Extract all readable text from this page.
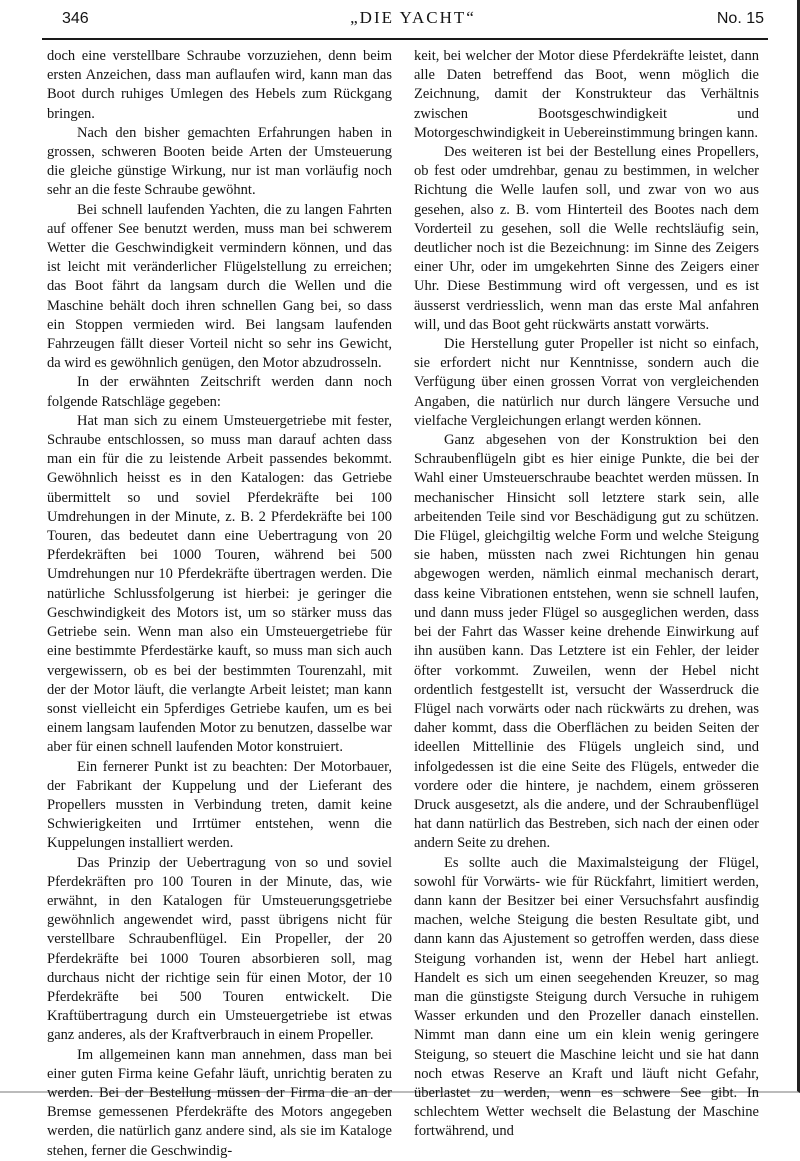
346	„DIE YACHT“	No. 15

doch eine verstellbare Schraube vorzuziehen, denn beim ersten Anzeichen, dass man auflaufen wird, kann man das Boot durch ruhiges Umlegen des Hebels zum Rückgang bringen.

Nach den bisher gemachten Erfahrungen haben in grossen, schweren Booten beide Arten der Umsteuerung die gleiche günstige Wirkung, nur ist man vorläufig noch sehr an die feste Schraube gewöhnt.

Bei schnell laufenden Yachten, die zu langen Fahrten auf offener See benutzt werden, muss man bei schwerem Wetter die Geschwindigkeit vermindern können, und das ist leicht mit veränderlicher Flügelstellung zu erreichen; das Boot fährt da langsam durch die Wellen und die Maschine behält doch ihren schnellen Gang bei, so dass ein Stoppen vermieden wird. Bei langsam laufenden Fahrzeugen fällt dieser Vorteil nicht so sehr ins Gewicht, da wird es gewöhnlich genügen, den Motor abzudrosseln.

In der erwähnten Zeitschrift werden dann noch folgende Ratschläge gegeben:

Hat man sich zu einem Umsteuergetriebe mit fester, Schraube entschlossen, so muss man darauf achten dass man ein für die zu leistende Arbeit passendes bekommt. Gewöhnlich heisst es in den Katalogen: das Getriebe übermittelt so und soviel Pferdekräfte bei 100 Umdrehungen in der Minute, z. B. 2 Pferdekräfte bei 100 Touren, das bedeutet dann eine Uebertragung von 20 Pferdekräften bei 1000 Touren, während bei 500 Umdrehungen nur 10 Pferdekräfte übertragen werden. Die natürliche Schlussfolgerung ist hierbei: je geringer die Geschwindigkeit des Motors ist, um so stärker muss das Getriebe sein. Wenn man also ein Umsteuergetriebe für eine bestimmte Pferdestärke kauft, so muss man sich auch vergewissern, ob es bei der bestimmten Tourenzahl, mit der der Motor läuft, die verlangte Arbeit leistet; man kann sonst vielleicht ein 5pferdiges Getriebe kaufen, um es bei einem langsam laufenden Motor zu benutzen, dasselbe war aber für einen schnell laufenden Motor konstruiert.

Ein fernerer Punkt ist zu beachten: Der Motorbauer, der Fabrikant der Kuppelung und der Lieferant des Propellers mussten in Verbindung treten, damit keine Schwierigkeiten und Irrtümer entstehen, wenn die Kuppelungen installiert werden.

Das Prinzip der Uebertragung von so und soviel Pferdekräften pro 100 Touren in der Minute, das, wie erwähnt, in den Katalogen für Umsteuerungsgetriebe gewöhnlich angewendet wird, passt übrigens nicht für verstellbare Schraubenflügel. Ein Propeller, der 20 Pferdekräfte bei 1000 Touren absorbieren soll, mag durchaus nicht der richtige sein für einen Motor, der 10 Pferdekräfte bei 500 Touren entwickelt. Die Kraftübertragung durch ein Umsteuergetriebe ist etwas ganz anderes, als der Kraftverbrauch in einem Propeller.

Im allgemeinen kann man annehmen, dass man bei einer guten Firma keine Gefahr läuft, unrichtig beraten zu werden. Bei der Bestellung müssen der Firma die an der Bremse gemessenen Pferdekräfte des Motors angegeben werden, die natürlich ganz andere sind, als sie im Kataloge stehen, ferner die Geschwindig-

keit, bei welcher der Motor diese Pferdekräfte leistet, dann alle Daten betreffend das Boot, wenn möglich die Zeichnung, damit der Konstrukteur das Verhältnis zwischen Bootsgeschwindigkeit und Motorgeschwindigkeit in Uebereinstimmung bringen kann.

Des weiteren ist bei der Bestellung eines Propellers, ob fest oder umdrehbar, genau zu bestimmen, in welcher Richtung die Welle laufen soll, und zwar von wo aus gesehen, also z. B. vom Hinterteil des Bootes nach dem Vorderteil zu gesehen, soll die Welle rechtsläufig sein, deutlicher noch ist die Bezeichnung: im Sinne des Zeigers einer Uhr, oder im umgekehrten Sinne des Zeigers einer Uhr. Diese Bestimmung wird oft vergessen, und es ist äusserst verdriesslich, wenn man das erste Mal anfahren will, und das Boot geht rückwärts anstatt vorwärts.

Die Herstellung guter Propeller ist nicht so einfach, sie erfordert nicht nur Kenntnisse, sondern auch die Verfügung über einen grossen Vorrat von vergleichenden Angaben, die natürlich nur durch längere Versuche und vielfache Vergleichungen erlangt werden können.

Ganz abgesehen von der Konstruktion bei den Schraubenflügeln gibt es hier einige Punkte, die bei der Wahl einer Umsteuerschraube beachtet werden müssen. In mechanischer Hinsicht soll letztere stark sein, alle arbeitenden Teile sind vor Beschädigung gut zu schützen. Die Flügel, gleichgiltig welche Form und welche Steigung sie haben, müssten nach zwei Richtungen hin genau abgewogen werden, nämlich einmal mechanisch derart, dass keine Vibrationen entstehen, wenn sie schnell laufen, und dann muss jeder Flügel so ausgeglichen werden, dass bei der Fahrt das Wasser keine drehende Einwirkung auf ihn ausüben kann. Das Letztere ist ein Fehler, der leider öfter vorkommt. Zuweilen, wenn der Hebel nicht ordentlich festgestellt ist, versucht der Wasserdruck die Flügel nach vorwärts oder nach rückwärts zu drehen, was daher kommt, dass die Oberflächen zu beiden Seiten der ideellen Mittellinie des Flügels ungleich sind, und infolgedessen ist die eine Seite des Flügels, entweder die vordere oder die hintere, je nachdem, einem grösseren Druck ausgesetzt, als die andere, und der Schraubenflügel hat dann natürlich das Bestreben, sich nach der einen oder andern Seite zu drehen.

Es sollte auch die Maximalsteigung der Flügel, sowohl für Vorwärts- wie für Rückfahrt, limitiert werden, dann kann der Besitzer bei einer Versuchsfahrt ausfindig machen, welche Steigung die besten Resultate gibt, und dann kann das Ajustement so getroffen werden, dass diese Steigung vorhanden ist, wenn der Hebel hart anliegt. Handelt es sich um einen seegehenden Kreuzer, so mag man die günstigste Steigung durch Versuche in ruhigem Wasser erkunden und den Prozeller danach einstellen. Nimmt man dann eine um ein klein wenig geringere Steigung, so steuert die Maschine leicht und sie hat dann noch etwas Reserve an Kraft und läuft nicht Gefahr, überlastet zu werden, wenn es schwere See gibt. In schlechtem Wetter wechselt die Belastung der Maschine fortwährend, und
